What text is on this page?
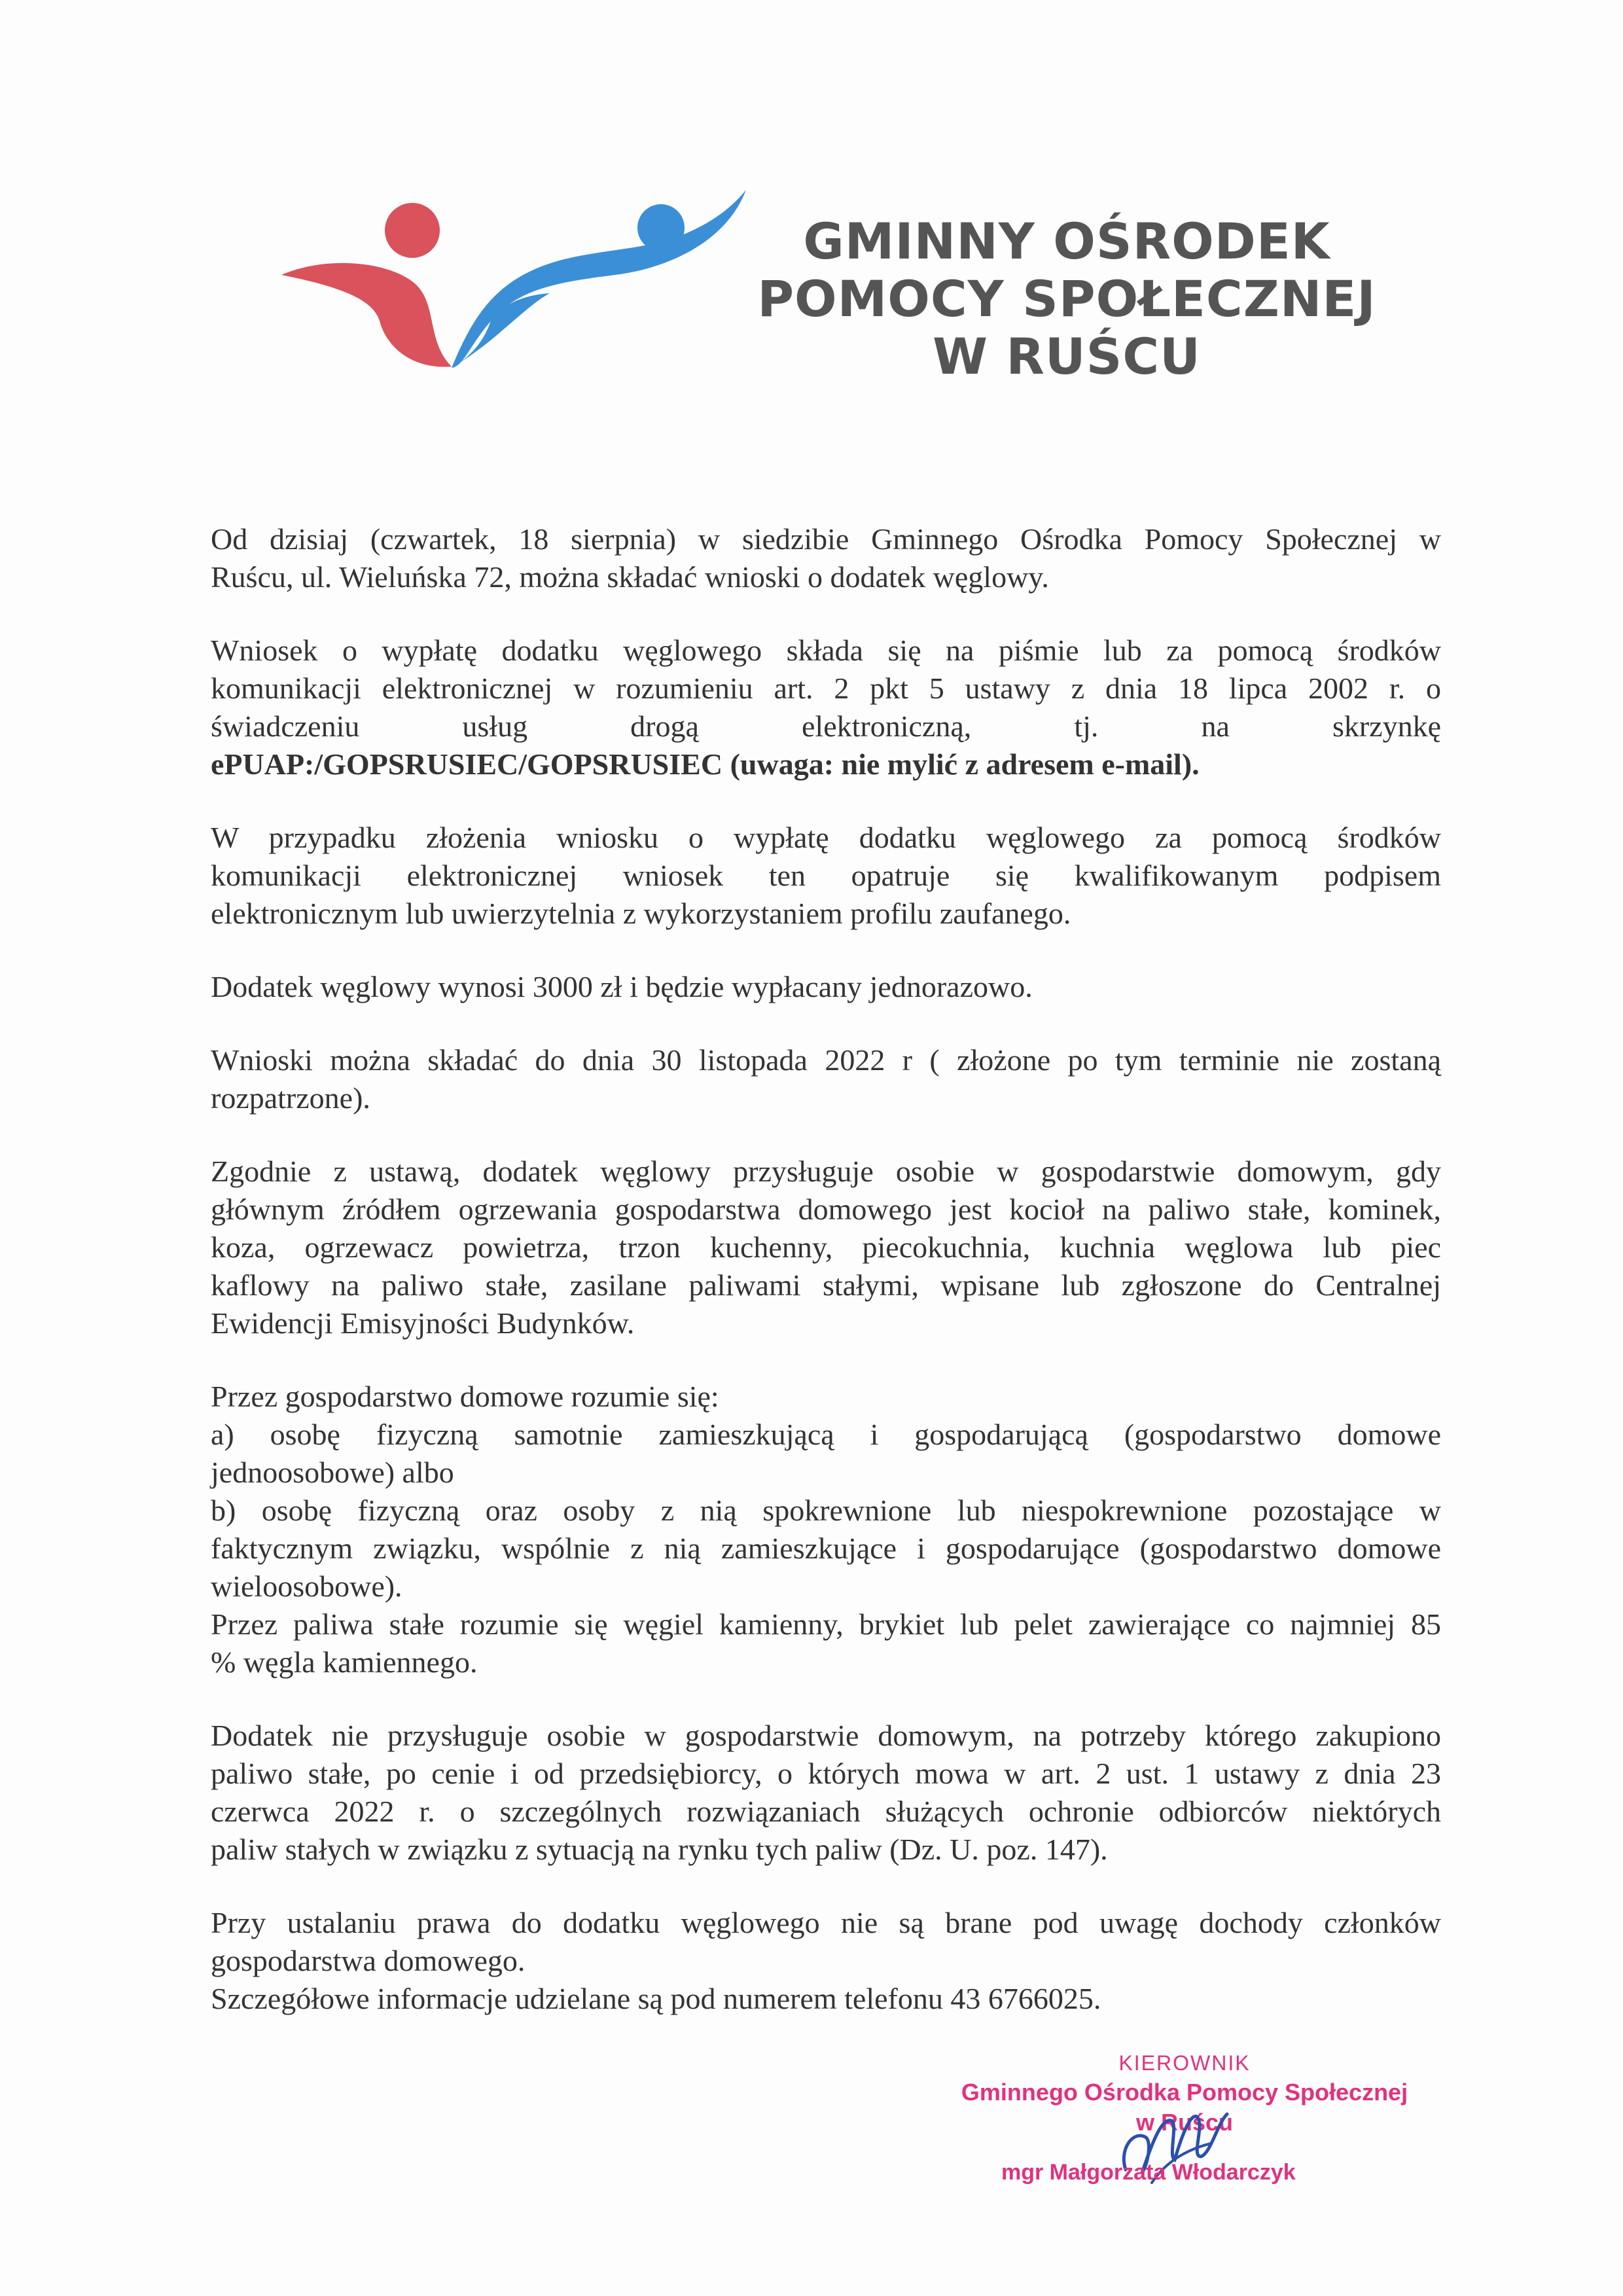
GMINNY OŚRODEK
POMOCY SPOŁECZNEJ
W RUŚCU

Od dzisiaj (czwartek, 18 sierpnia) w siedzibie Gminnego Ośrodka Pomocy Społecznej w
Ruścu, ul. Wieluńska 72, można składać wnioski o dodatek węglowy.

Wniosek o wypłatę dodatku węglowego składa się na piśmie lub za pomocą środków
komunikacji elektronicznej w rozumieniu art. 2 pkt 5 ustawy z dnia 18 lipca 2002 r. o
świadczeniu usług drogą elektroniczną, tj. na skrzynkę
ePUAP:/GOPSRUSIEC/GOPSRUSIEC (uwaga: nie mylić z adresem e-mail).

W przypadku złożenia wniosku o wypłatę dodatku węglowego za pomocą środków
komunikacji elektronicznej wniosek ten opatruje się kwalifikowanym podpisem
elektronicznym lub uwierzytelnia z wykorzystaniem profilu zaufanego.

Dodatek węglowy wynosi 3000 zł i będzie wypłacany jednorazowo.

Wnioski można składać do dnia 30 listopada 2022 r ( złożone po tym terminie nie zostaną
rozpatrzone).

Zgodnie z ustawą, dodatek węglowy przysługuje osobie w gospodarstwie domowym, gdy
głównym źródłem ogrzewania gospodarstwa domowego jest kocioł na paliwo stałe, kominek,
koza, ogrzewacz powietrza, trzon kuchenny, piecokuchnia, kuchnia węglowa lub piec
kaflowy na paliwo stałe, zasilane paliwami stałymi, wpisane lub zgłoszone do Centralnej
Ewidencji Emisyjności Budynków.

Przez gospodarstwo domowe rozumie się:
a) osobę fizyczną samotnie zamieszkującą i gospodarującą (gospodarstwo domowe
jednoosobowe) albo
b) osobę fizyczną oraz osoby z nią spokrewnione lub niespokrewnione pozostające w
faktycznym związku, wspólnie z nią zamieszkujące i gospodarujące (gospodarstwo domowe
wieloosobowe).
Przez paliwa stałe rozumie się węgiel kamienny, brykiet lub pelet zawierające co najmniej 85
% węgla kamiennego.

Dodatek nie przysługuje osobie w gospodarstwie domowym, na potrzeby którego zakupiono
paliwo stałe, po cenie i od przedsiębiorcy, o których mowa w art. 2 ust. 1 ustawy z dnia 23
czerwca 2022 r. o szczególnych rozwiązaniach służących ochronie odbiorców niektórych
paliw stałych w związku z sytuacją na rynku tych paliw (Dz. U. poz. 147).

Przy ustalaniu prawa do dodatku węglowego nie są brane pod uwagę dochody członków
gospodarstwa domowego.
Szczegółowe informacje udzielane są pod numerem telefonu 43 6766025.

KIEROWNIK
Gminnego Ośrodka Pomocy Społecznej
w Ruścu
mgr Małgorzata Włodarczyk
